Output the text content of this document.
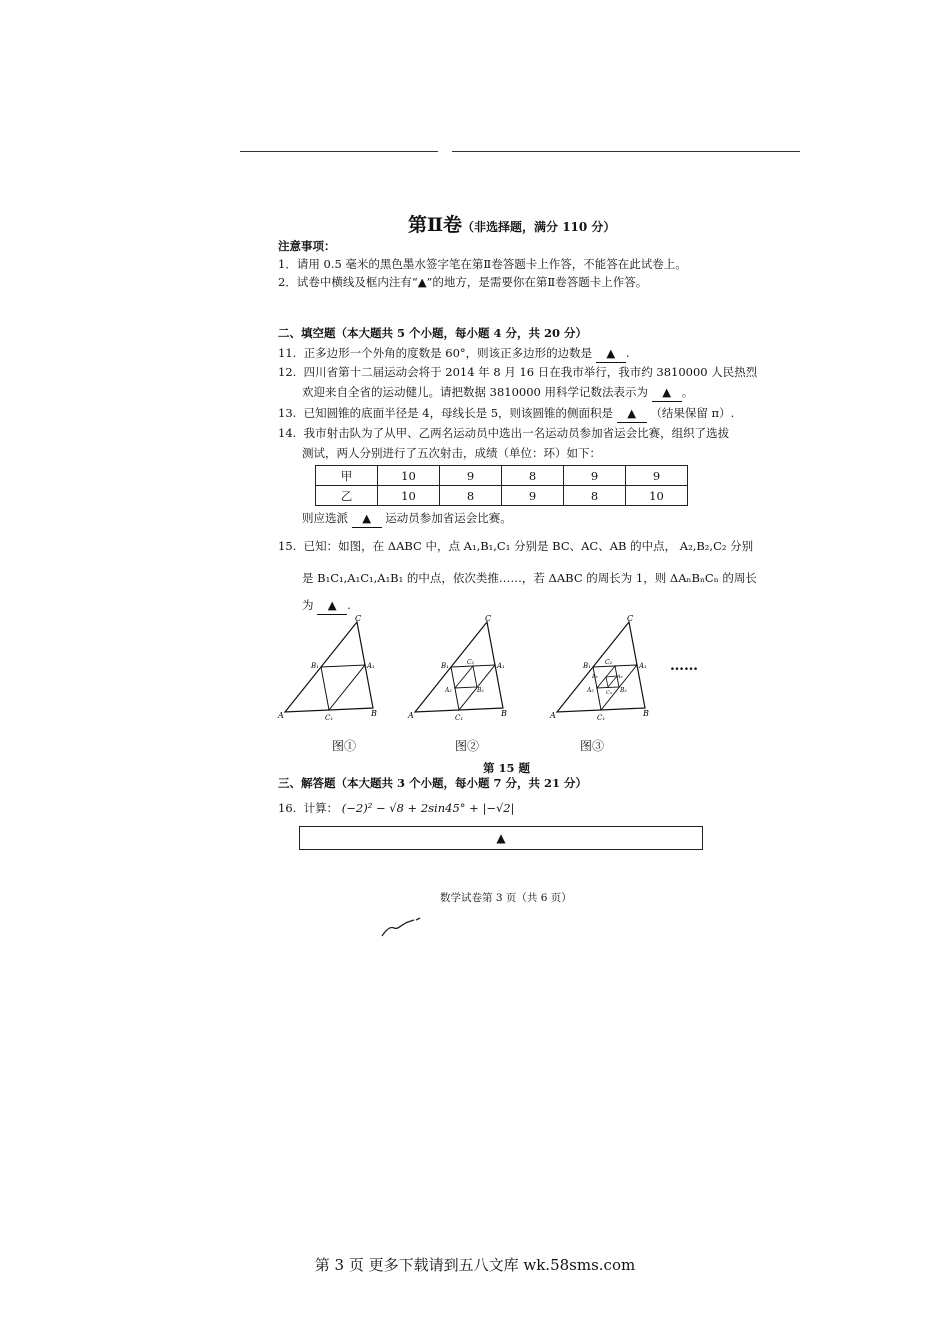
第Ⅱ卷（非选择题，满分 110 分）
注意事项：
1．请用 0.5 毫米的黑色墨水签字笔在第Ⅱ卷答题卡上作答，不能答在此试卷上。
2．试卷中横线及框内注有“▲”的地方，是需要你在第Ⅱ卷答题卡上作答。
二、填空题（本大题共 5 个小题，每小题 4 分，共 20 分）
11. 正多边形一个外角的度数是 60°，则该正多边形的边数是 ▲ .
12. 四川省第十二届运动会将于 2014 年 8 月 16 日在我市举行，我市约 3810000 人民热烈
欢迎来自全省的运动健儿。请把数据 3810000 用科学记数法表示为 ▲ 。
13. 已知圆锥的底面半径是 4，母线长是 5，则该圆锥的侧面积是 ▲ （结果保留 π）.
14. 我市射击队为了从甲、乙两名运动员中选出一名运动员参加省运会比赛，组织了选拔
测试，两人分别进行了五次射击，成绩（单位：环）如下：
甲	10	9	8	9	9
乙	10	8	9	8	10
则应选派 ▲ 运动员参加省运会比赛。
15. 已知：如图，在 ΔABC 中，点 A₁,B₁,C₁ 分别是 BC、AC、AB 的中点， A₂,B₂,C₂ 分别
是 B₁C₁,A₁C₁,A₁B₁ 的中点，依次类推……，若 ΔABC 的周长为 1，则 ΔAₙBₙCₙ 的周长
为 ▲ .
C
B₁	A₁
A	C₁	B
图①
C
B₁	C₂	A₁
A₂	B₂
A	C₁	B
图②
C
B₁ C₂	A₁
B₃	A₃
C₃
A₂	B₂
A	C₁	B
图③
……
第 15 题
三、解答题（本大题共 3 个小题，每小题 7 分，共 21 分）
16. 计算： (−2)² − √8 + 2sin45° + |−√2|
▲
数学试卷第 3 页（共 6 页）
第 3 页 更多下载请到五八文库 wk.58sms.com
